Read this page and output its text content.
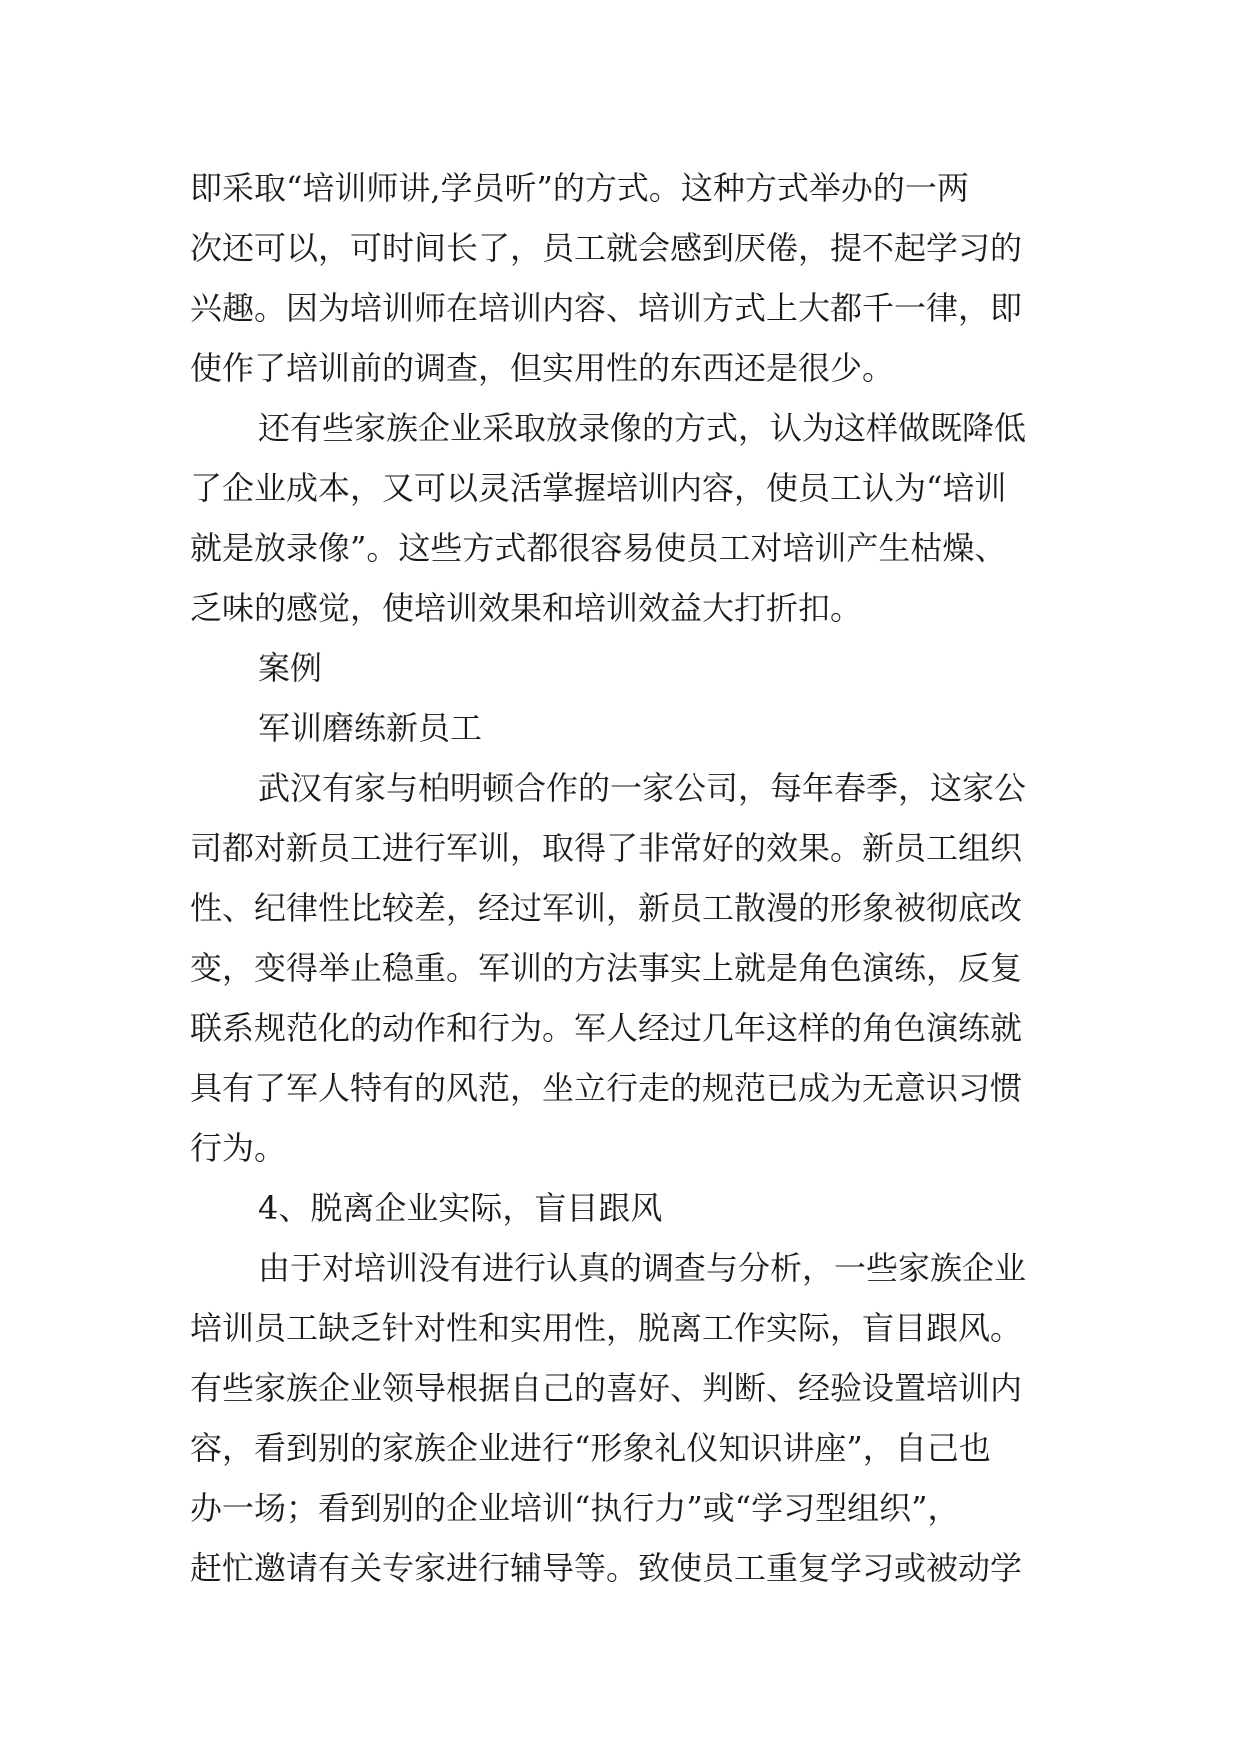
即采取“培训师讲,学员听”的方式。这种方式举办的一两
次还可以，可时间长了，员工就会感到厌倦，提不起学习的
兴趣。因为培训师在培训内容、培训方式上大都千一律，即
使作了培训前的调查，但实用性的东西还是很少。
还有些家族企业采取放录像的方式，认为这样做既降低
了企业成本，又可以灵活掌握培训内容，使员工认为“培训
就是放录像”。这些方式都很容易使员工对培训产生枯燥、
乏味的感觉，使培训效果和培训效益大打折扣。
案例
军训磨练新员工
武汉有家与柏明顿合作的一家公司，每年春季，这家公
司都对新员工进行军训，取得了非常好的效果。新员工组织
性、纪律性比较差，经过军训，新员工散漫的形象被彻底改
变，变得举止稳重。军训的方法事实上就是角色演练，反复
联系规范化的动作和行为。军人经过几年这样的角色演练就
具有了军人特有的风范，坐立行走的规范已成为无意识习惯
行为。
4、脱离企业实际，盲目跟风
由于对培训没有进行认真的调查与分析，一些家族企业
培训员工缺乏针对性和实用性，脱离工作实际，盲目跟风。
有些家族企业领导根据自己的喜好、判断、经验设置培训内
容，看到别的家族企业进行“形象礼仪知识讲座”，自己也
办一场；看到别的企业培训“执行力”或“学习型组织”，
赶忙邀请有关专家进行辅导等。致使员工重复学习或被动学
